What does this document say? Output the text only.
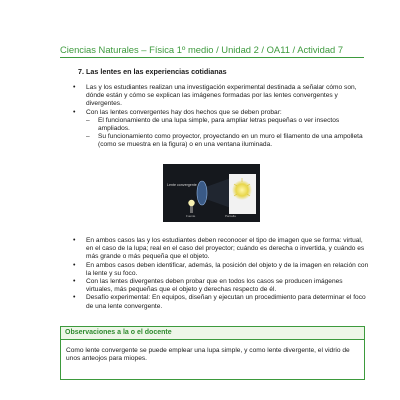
Ciencias Naturales – Física 1º medio / Unidad 2 / OA11 / Actividad 7
7. Las lentes en las experiencias cotidianas
• Las y los estudiantes realizan una investigación experimental destinada a señalar cómo son, dónde están y cómo se explican las imágenes formadas por las lentes convergentes y divergentes.
• Con las lentes convergentes hay dos hechos que se deben probar:
– El funcionamiento de una lupa simple, para ampliar letras pequeñas o ver insectos ampliados.
– Su funcionamiento como proyector, proyectando en un muro el filamento de una ampolleta (como se muestra en la figura) o en una ventana iluminada.
Lente convergente
Fuente	Pantalla
• En ambos casos las y los estudiantes deben reconocer el tipo de imagen que se forma: virtual, en el caso de la lupa; real en el caso del proyector; cuándo es derecha o invertida, y cuándo es más grande o más pequeña que el objeto.
• En ambos casos deben identificar, además, la posición del objeto y de la imagen en relación con la lente y su foco.
• Con las lentes divergentes deben probar que en todos los casos se producen imágenes virtuales, más pequeñas que el objeto y derechas respecto de él.
• Desafío experimental: En equipos, diseñan y ejecutan un procedimiento para determinar el foco de una lente convergente.
Observaciones a la o el docente
Como lente convergente se puede emplear una lupa simple, y como lente divergente, el vidrio de unos anteojos para miopes.
